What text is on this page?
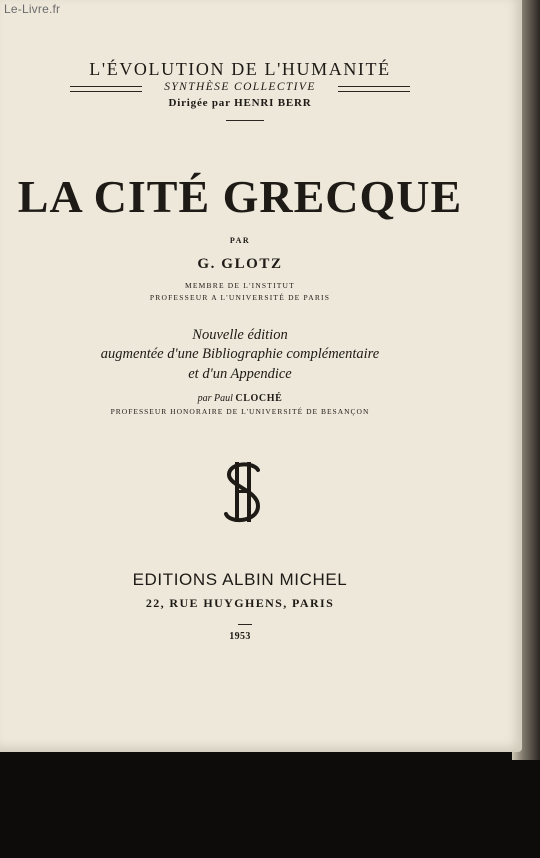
Le-Livre.fr
L'ÉVOLUTION DE L'HUMANITÉ
SYNTHÈSE COLLECTIVE
Dirigée par HENRI BERR
LA CITÉ GRECQUE
PAR
G. GLOTZ
MEMBRE DE L'INSTITUT
PROFESSEUR A L'UNIVERSITÉ DE PARIS
Nouvelle édition
augmentée d'une Bibliographie complémentaire
et d'un Appendice
par Paul CLOCHÉ
PROFESSEUR HONORAIRE DE L'UNIVERSITÉ DE BESANÇON
EDITIONS ALBIN MICHEL
22, RUE HUYGHENS, PARIS
1953
